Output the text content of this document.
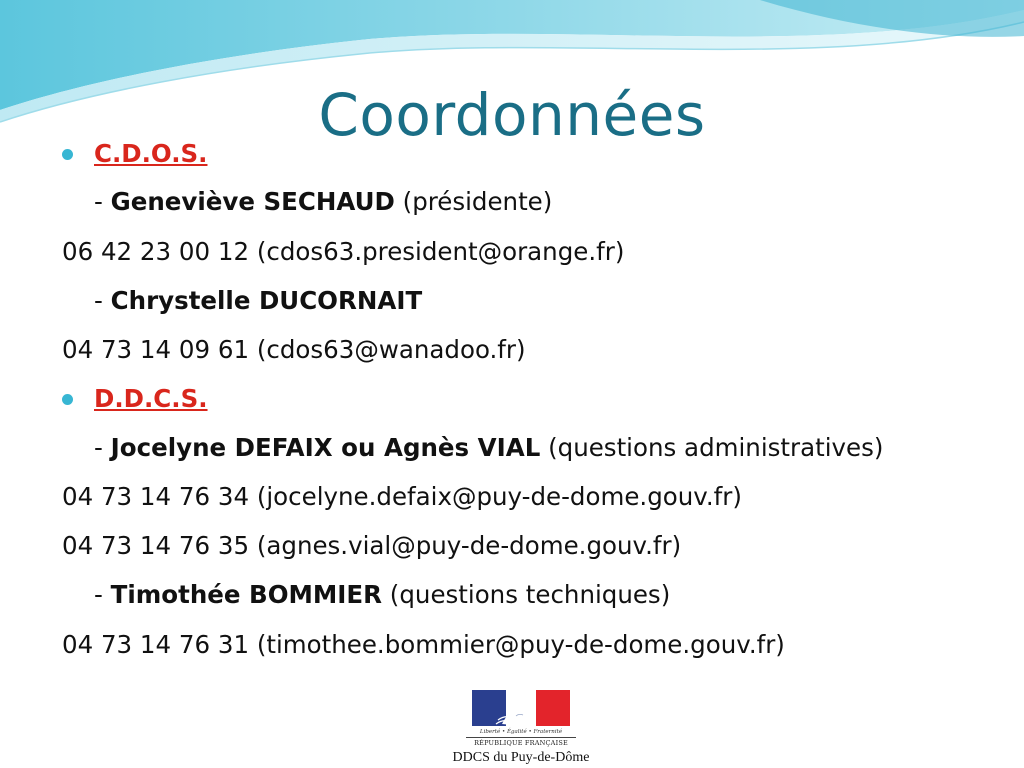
Coordonnées
C.D.O.S.
- Geneviève SECHAUD (présidente)
06 42 23 00 12 (cdos63.president@orange.fr)
- Chrystelle DUCORNAIT
04 73 14 09 61 (cdos63@wanadoo.fr)
D.D.C.S.
- Jocelyne DEFAIX ou Agnès VIAL (questions administratives)
04 73 14 76 34 (jocelyne.defaix@puy-de-dome.gouv.fr)
04 73 14 76 35 (agnes.vial@puy-de-dome.gouv.fr)
- Timothée BOMMIER (questions techniques)
04 73 14 76 31 (timothee.bommier@puy-de-dome.gouv.fr)
Liberté • Égalité • Fraternité
RÉPUBLIQUE FRANÇAISE
DDCS du Puy-de-Dôme
